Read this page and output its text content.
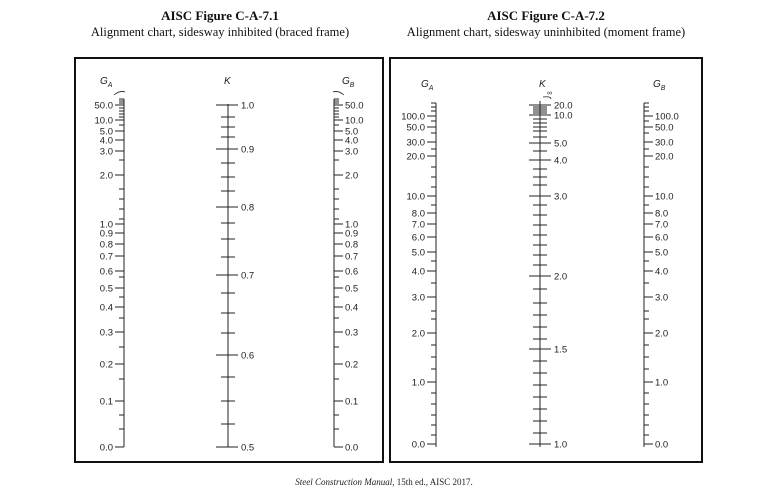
AISC Figure C-A-7.1
Alignment chart, sidesway inhibited (braced frame)
AISC Figure C-A-7.2
Alignment chart, sidesway uninhibited (moment frame)
$G_A$
50.0
10.0
5.0
4.0
3.0
2.0
1.0
0.9
0.8
0.7
0.6
0.5
0.4
0.3
0.2
0.1
0.0
K
1.0
0.9
0.8
0.7
0.6
0.5
$G_B$
50.0
10.0
5.0
4.0
3.0
2.0
1.0
0.9
0.8
0.7
0.6
0.5
0.4
0.3
0.2
0.1
0.0
$G_A$
100.0
50.0
30.0
20.0
10.0
8.0
7.0
6.0
5.0
4.0
3.0
2.0
1.0
0.0
K
∞
20.0
10.0
5.0
4.0
3.0
2.0
1.5
1.0
$G_B$
100.0
50.0
30.0
20.0
10.0
8.0
7.0
6.0
5.0
4.0
3.0
2.0
1.0
0.0
Steel Construction Manual, 15th ed., AISC 2017.
